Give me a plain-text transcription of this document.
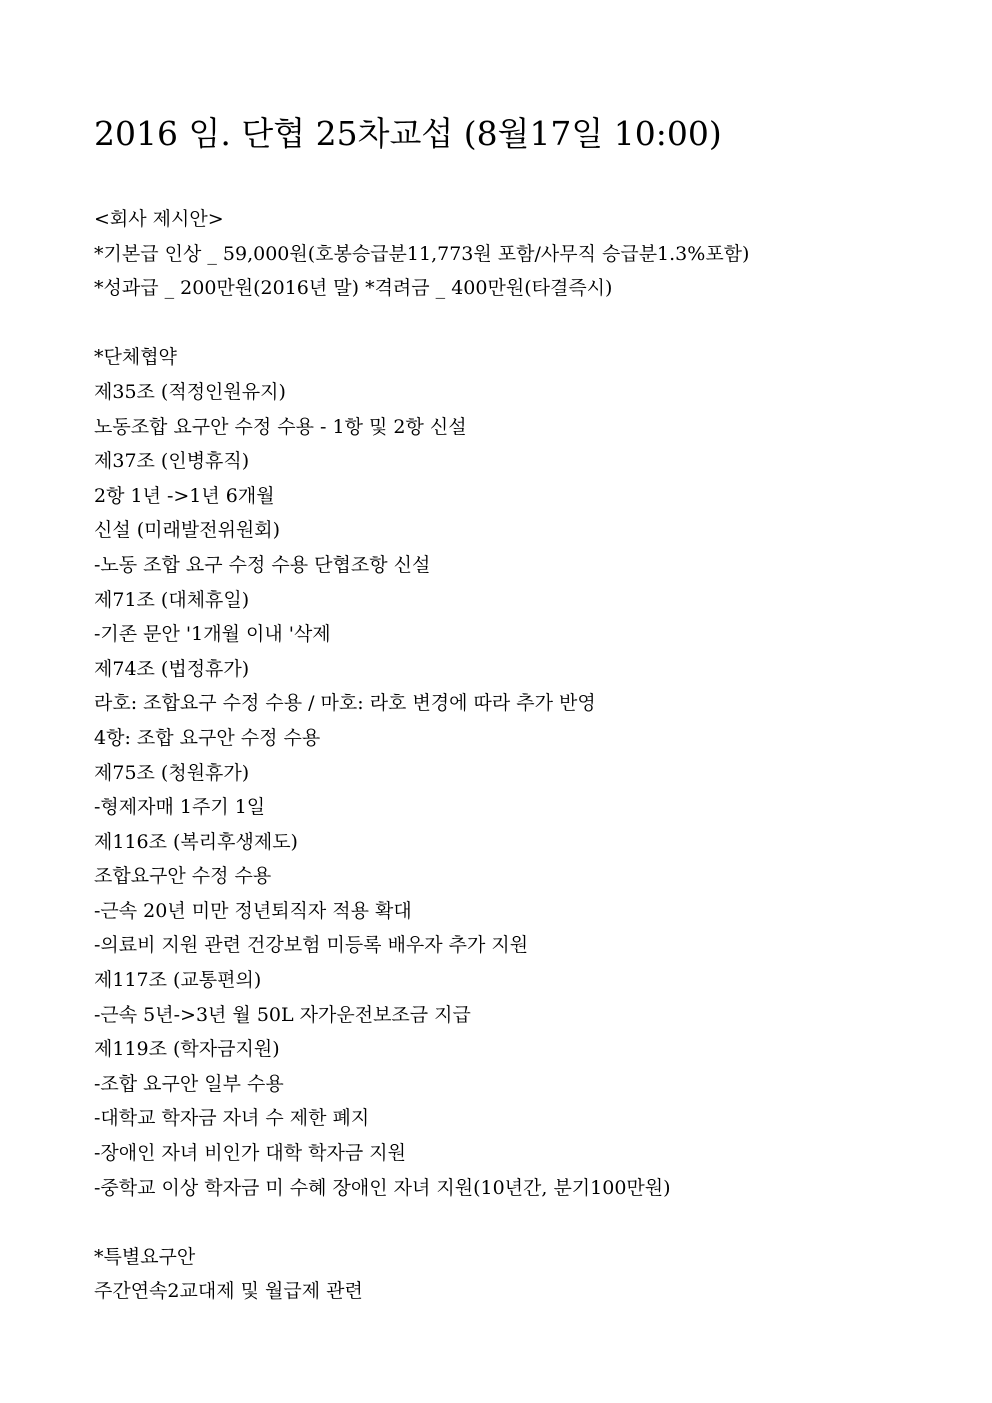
2016 임. 단협 25차교섭 (8월17일 10:00)
<회사 제시안>
*기본급 인상 _ 59,000원(호봉승급분11,773원 포함/사무직 승급분1.3%포함)
*성과급 _ 200만원(2016년 말) *격려금 _ 400만원(타결즉시)
*단체협약
제35조 (적정인원유지)
노동조합 요구안 수정 수용 - 1항 및 2항 신설
제37조 (인병휴직)
2항 1년 ->1년 6개월
신설 (미래발전위원회)
-노동 조합 요구 수정 수용 단협조항 신설
제71조 (대체휴일)
-기존 문안 '1개월 이내 '삭제
제74조 (법정휴가)
라호: 조합요구 수정 수용 / 마호: 라호 변경에 따라 추가 반영
4항: 조합 요구안 수정 수용
제75조 (청원휴가)
-형제자매 1주기 1일
제116조 (복리후생제도)
조합요구안 수정 수용
-근속 20년 미만 정년퇴직자 적용 확대
-의료비 지원 관련 건강보험 미등록 배우자 추가 지원
제117조 (교통편의)
-근속 5년->3년 월 50L 자가운전보조금 지급
제119조 (학자금지원)
-조합 요구안 일부 수용
-대학교 학자금 자녀 수 제한 폐지
-장애인 자녀 비인가 대학 학자금 지원
-중학교 이상 학자금 미 수혜 장애인 자녀 지원(10년간, 분기100만원)
*특별요구안
주간연속2교대제 및 월급제 관련
